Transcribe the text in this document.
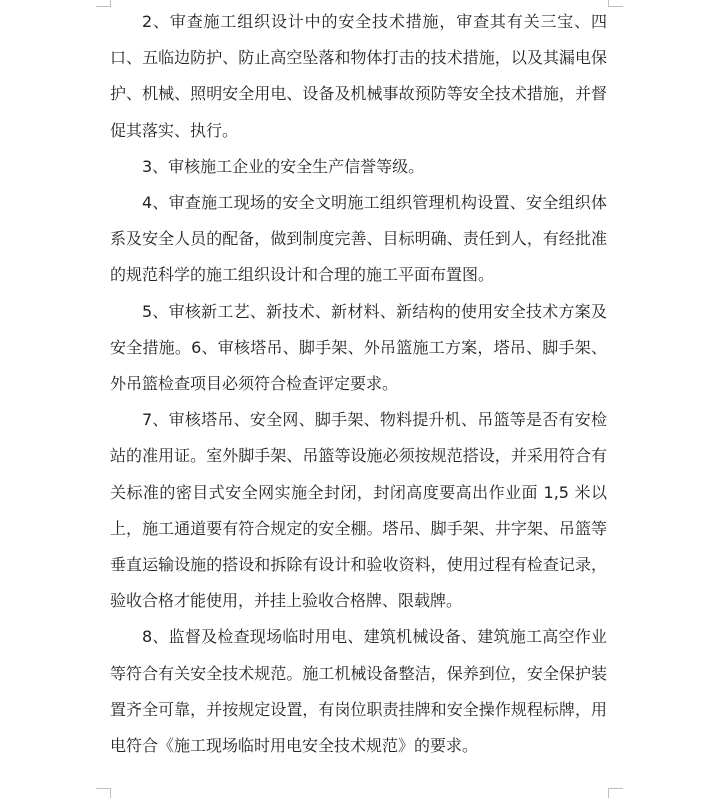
2、审查施工组织设计中的安全技术措施，审查其有关三宝、四口、五临边防护、防止高空坠落和物体打击的技术措施，以及其漏电保护、机械、照明安全用电、设备及机械事故预防等安全技术措施，并督促其落实、执行。

3、审核施工企业的安全生产信誉等级。

4、审查施工现场的安全文明施工组织管理机构设置、安全组织体系及安全人员的配备，做到制度完善、目标明确、责任到人，有经批准的规范科学的施工组织设计和合理的施工平面布置图。

5、审核新工艺、新技术、新材料、新结构的使用安全技术方案及安全措施。6、审核塔吊、脚手架、外吊篮施工方案，塔吊、脚手架、外吊篮检查项目必须符合检查评定要求。

7、审核塔吊、安全网、脚手架、物料提升机、吊篮等是否有安检站的准用证。室外脚手架、吊篮等设施必须按规范搭设，并采用符合有关标准的密目式安全网实施全封闭，封闭高度要高出作业面 1,5 米以上，施工通道要有符合规定的安全棚。塔吊、脚手架、井字架、吊篮等垂直运输设施的搭设和拆除有设计和验收资料，使用过程有检查记录，验收合格才能使用，并挂上验收合格牌、限载牌。

8、监督及检查现场临时用电、建筑机械设备、建筑施工高空作业等符合有关安全技术规范。施工机械设备整洁，保养到位，安全保护装置齐全可靠，并按规定设置，有岗位职责挂牌和安全操作规程标牌，用电符合《施工现场临时用电安全技术规范》的要求。
